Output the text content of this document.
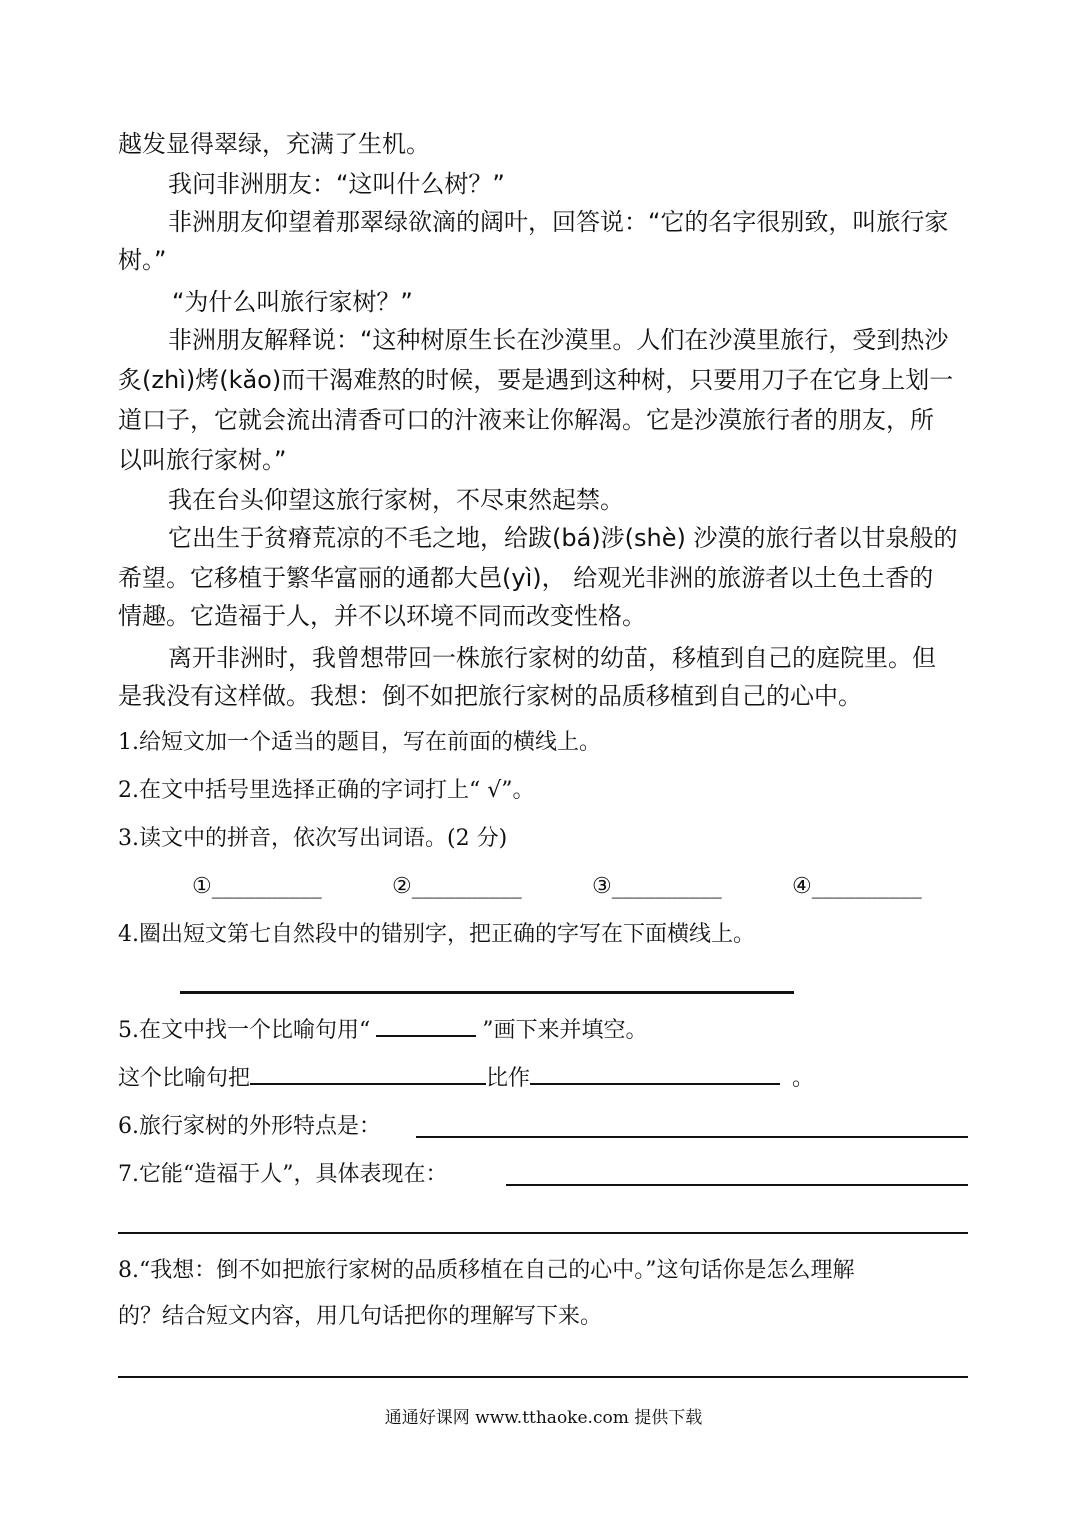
越发显得翠绿，充满了生机。

我问非洲朋友：“这叫什么树？”

非洲朋友仰望着那翠绿欲滴的阔叶，回答说：“它的名字很别致，叫旅行家

树。”

“为什么叫旅行家树？”

非洲朋友解释说：“这种树原生长在沙漠里。人们在沙漠里旅行，受到热沙

炙(zhì)烤(kǎo)而干渴难熬的时候，要是遇到这种树，只要用刀子在它身上划一

道口子，它就会流出清香可口的汁液来让你解渴。它是沙漠旅行者的朋友，所

以叫旅行家树。”

我在台头仰望这旅行家树，不尽束然起禁。

它出生于贫瘠荒凉的不毛之地，给跋(bá)涉(shè) 沙漠的旅行者以甘泉般的

希望。它移植于繁华富丽的通都大邑(yì)， 给观光非洲的旅游者以土色土香的

情趣。它造福于人，并不以环境不同而改变性格。

离开非洲时，我曾想带回一株旅行家树的幼苗，移植到自己的庭院里。但

是我没有这样做。我想：倒不如把旅行家树的品质移植到自己的心中。

1.给短文加一个适当的题目，写在前面的横线上。

2.在文中括号里选择正确的字词打上“ √”。

3.读文中的拼音，依次写出词语。(2 分)

①__________	②__________	③__________	④__________

4.圈出短文第七自然段中的错别字，把正确的字写在下面横线上。

5.在文中找一个比喻句用“	”画下来并填空。

这个比喻句把	比作	。

6.旅行家树的外形特点是：

7.它能“造福于人”，具体表现在：

8.“我想：倒不如把旅行家树的品质移植在自己的心中。”这句话你是怎么理解

的？结合短文内容，用几句话把你的理解写下来。

通通好课网 www.tthaoke.com 提供下载
